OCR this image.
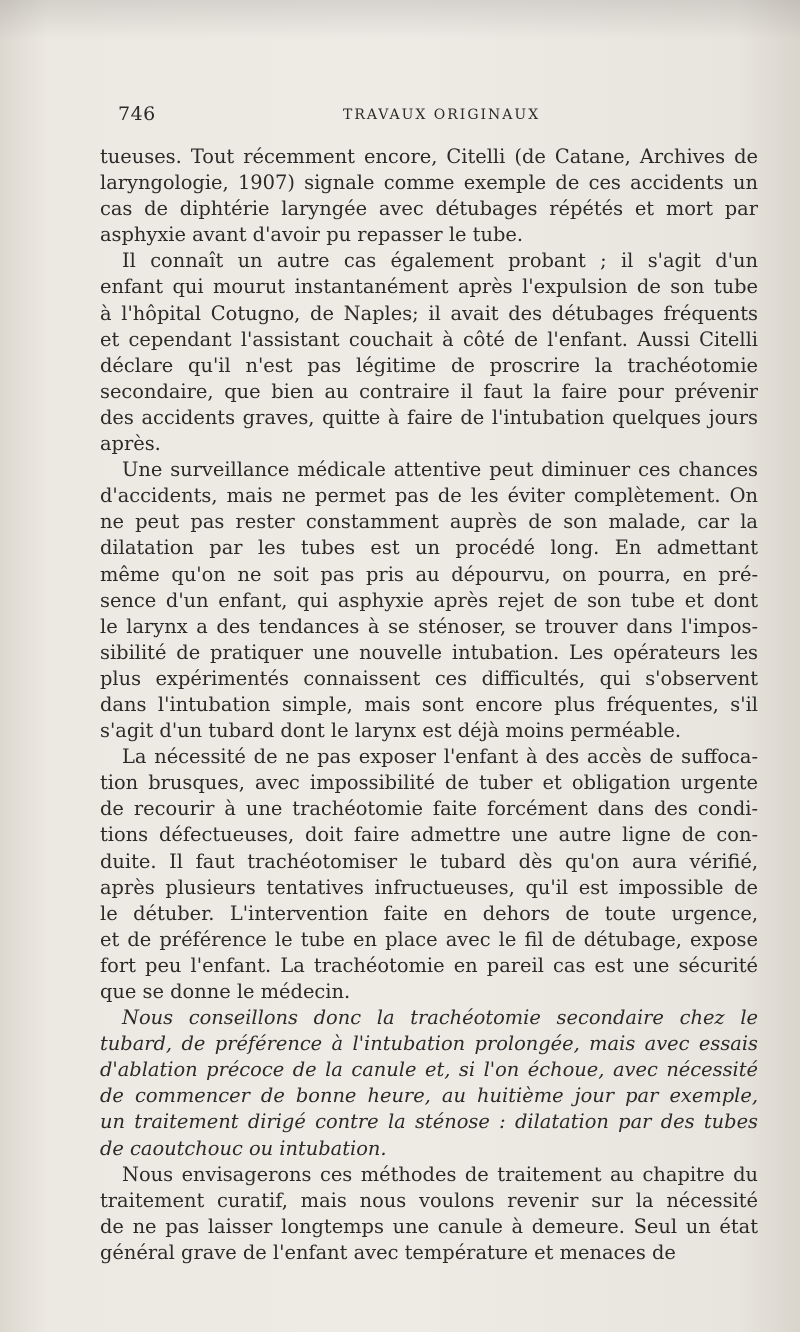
746	TRAVAUX ORIGINAUX
tueuses. Tout récemment encore, Citelli (de Catane, Archives de
laryngologie, 1907) signale comme exemple de ces accidents un
cas de diphtérie laryngée avec détubages répétés et mort par
asphyxie avant d'avoir pu repasser le tube.
Il connaît un autre cas également probant ; il s'agit d'un
enfant qui mourut instantanément après l'expulsion de son tube
à l'hôpital Cotugno, de Naples; il avait des détubages fréquents
et cependant l'assistant couchait à côté de l'enfant. Aussi Citelli
déclare qu'il n'est pas légitime de proscrire la trachéotomie
secondaire, que bien au contraire il faut la faire pour prévenir
des accidents graves, quitte à faire de l'intubation quelques jours
après.
Une surveillance médicale attentive peut diminuer ces chances
d'accidents, mais ne permet pas de les éviter complètement. On
ne peut pas rester constamment auprès de son malade, car la
dilatation par les tubes est un procédé long. En admettant
même qu'on ne soit pas pris au dépourvu, on pourra, en pré-
sence d'un enfant, qui asphyxie après rejet de son tube et dont
le larynx a des tendances à se sténoser, se trouver dans l'impos-
sibilité de pratiquer une nouvelle intubation. Les opérateurs les
plus expérimentés connaissent ces difficultés, qui s'observent
dans l'intubation simple, mais sont encore plus fréquentes, s'il
s'agit d'un tubard dont le larynx est déjà moins perméable.
La nécessité de ne pas exposer l'enfant à des accès de suffoca-
tion brusques, avec impossibilité de tuber et obligation urgente
de recourir à une trachéotomie faite forcément dans des condi-
tions défectueuses, doit faire admettre une autre ligne de con-
duite. Il faut trachéotomiser le tubard dès qu'on aura vérifié,
après plusieurs tentatives infructueuses, qu'il est impossible de
le détuber. L'intervention faite en dehors de toute urgence,
et de préférence le tube en place avec le fil de détubage, expose
fort peu l'enfant. La trachéotomie en pareil cas est une sécurité
que se donne le médecin.
Nous conseillons donc la trachéotomie secondaire chez le
tubard, de préférence à l'intubation prolongée, mais avec essais
d'ablation précoce de la canule et, si l'on échoue, avec nécessité
de commencer de bonne heure, au huitième jour par exemple,
un traitement dirigé contre la sténose : dilatation par des tubes
de caoutchouc ou intubation.
Nous envisagerons ces méthodes de traitement au chapitre du
traitement curatif, mais nous voulons revenir sur la nécessité
de ne pas laisser longtemps une canule à demeure. Seul un état
général grave de l'enfant avec température et menaces de
